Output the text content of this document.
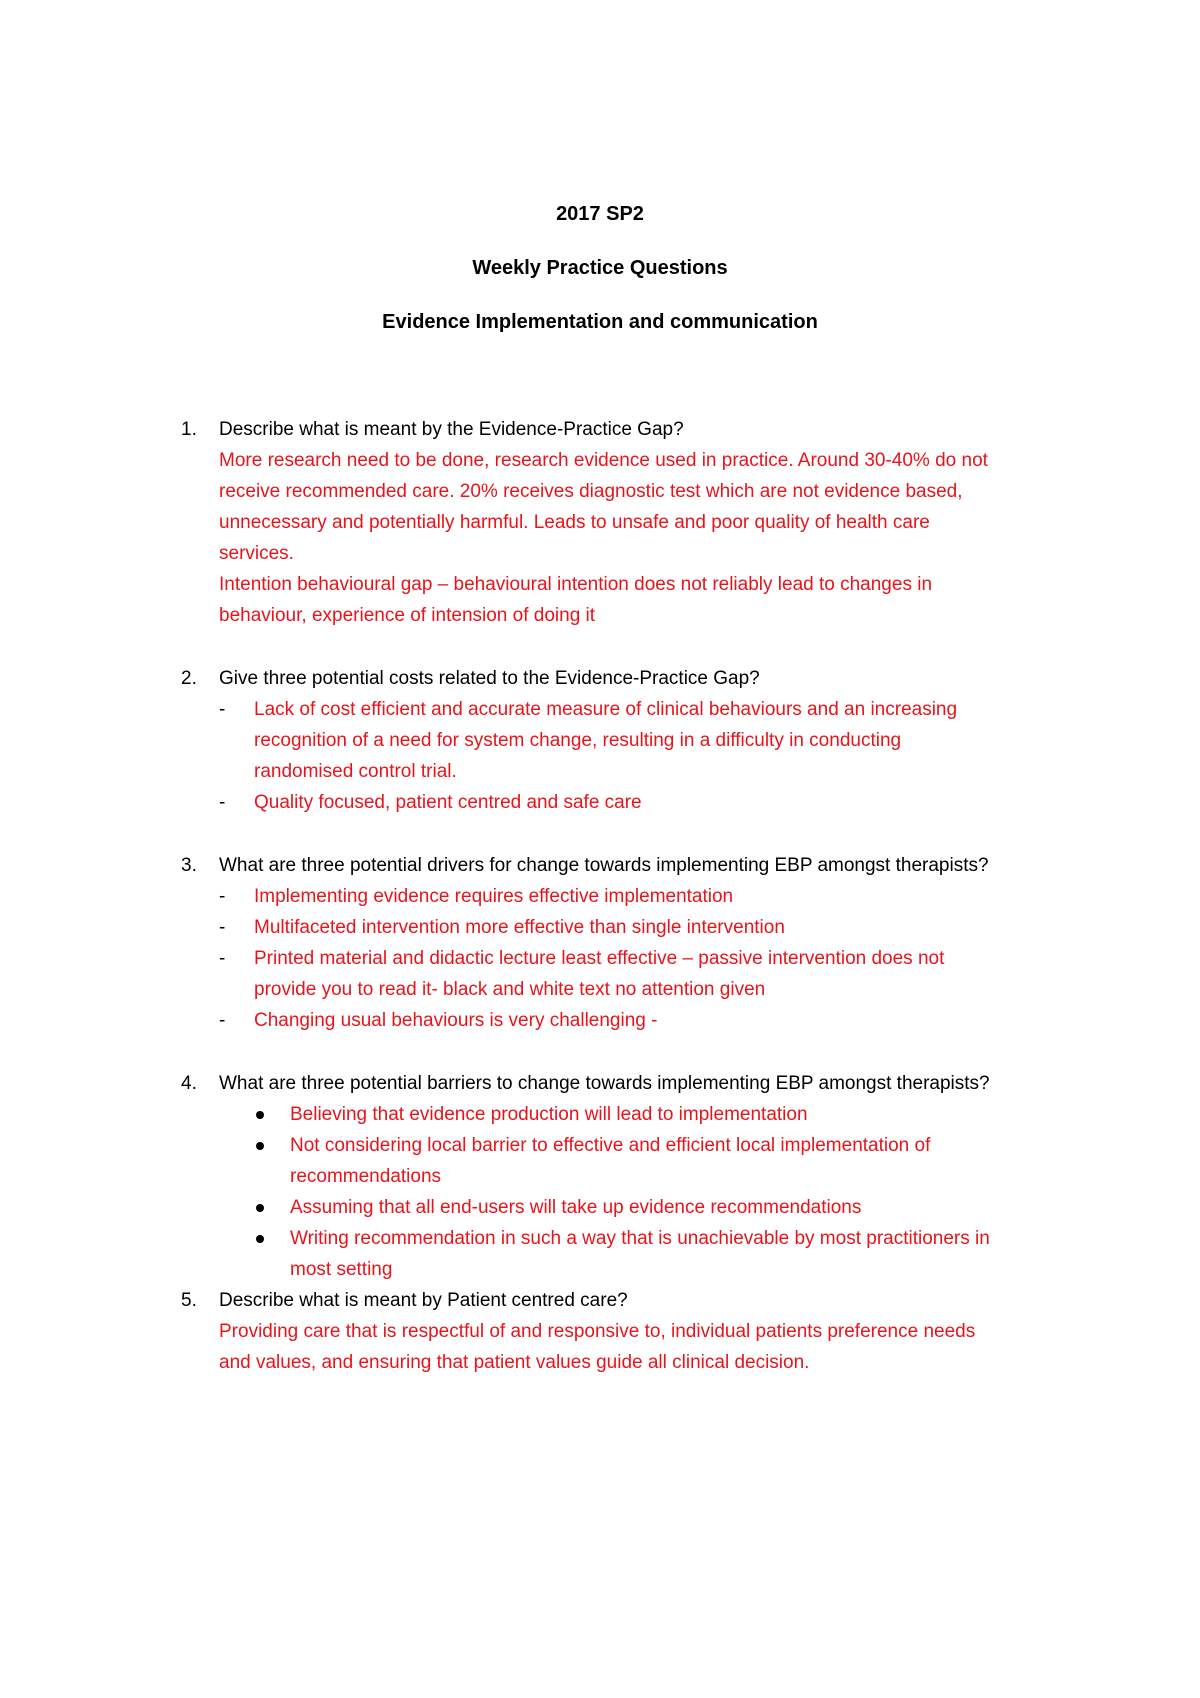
2017 SP2
Weekly Practice Questions
Evidence Implementation and communication
1. Describe what is meant by the Evidence-Practice Gap?
More research need to be done, research evidence used in practice. Around 30-40% do not
receive recommended care. 20% receives diagnostic test which are not evidence based,
unnecessary and potentially harmful. Leads to unsafe and poor quality of health care
services.
Intention behavioural gap – behavioural intention does not reliably lead to changes in
behaviour, experience of intension of doing it
2. Give three potential costs related to the Evidence-Practice Gap?
- Lack of cost efficient and accurate measure of clinical behaviours and an increasing
recognition of a need for system change, resulting in a difficulty in conducting
randomised control trial.
- Quality focused, patient centred and safe care
3. What are three potential drivers for change towards implementing EBP amongst therapists?
- Implementing evidence requires effective implementation
- Multifaceted intervention more effective than single intervention
- Printed material and didactic lecture least effective – passive intervention does not
provide you to read it- black and white text no attention given
- Changing usual behaviours is very challenging -
4. What are three potential barriers to change towards implementing EBP amongst therapists?
Believing that evidence production will lead to implementation
Not considering local barrier to effective and efficient local implementation of
recommendations
Assuming that all end-users will take up evidence recommendations
Writing recommendation in such a way that is unachievable by most practitioners in
most setting
5. Describe what is meant by Patient centred care?
Providing care that is respectful of and responsive to, individual patients preference needs
and values, and ensuring that patient values guide all clinical decision.
